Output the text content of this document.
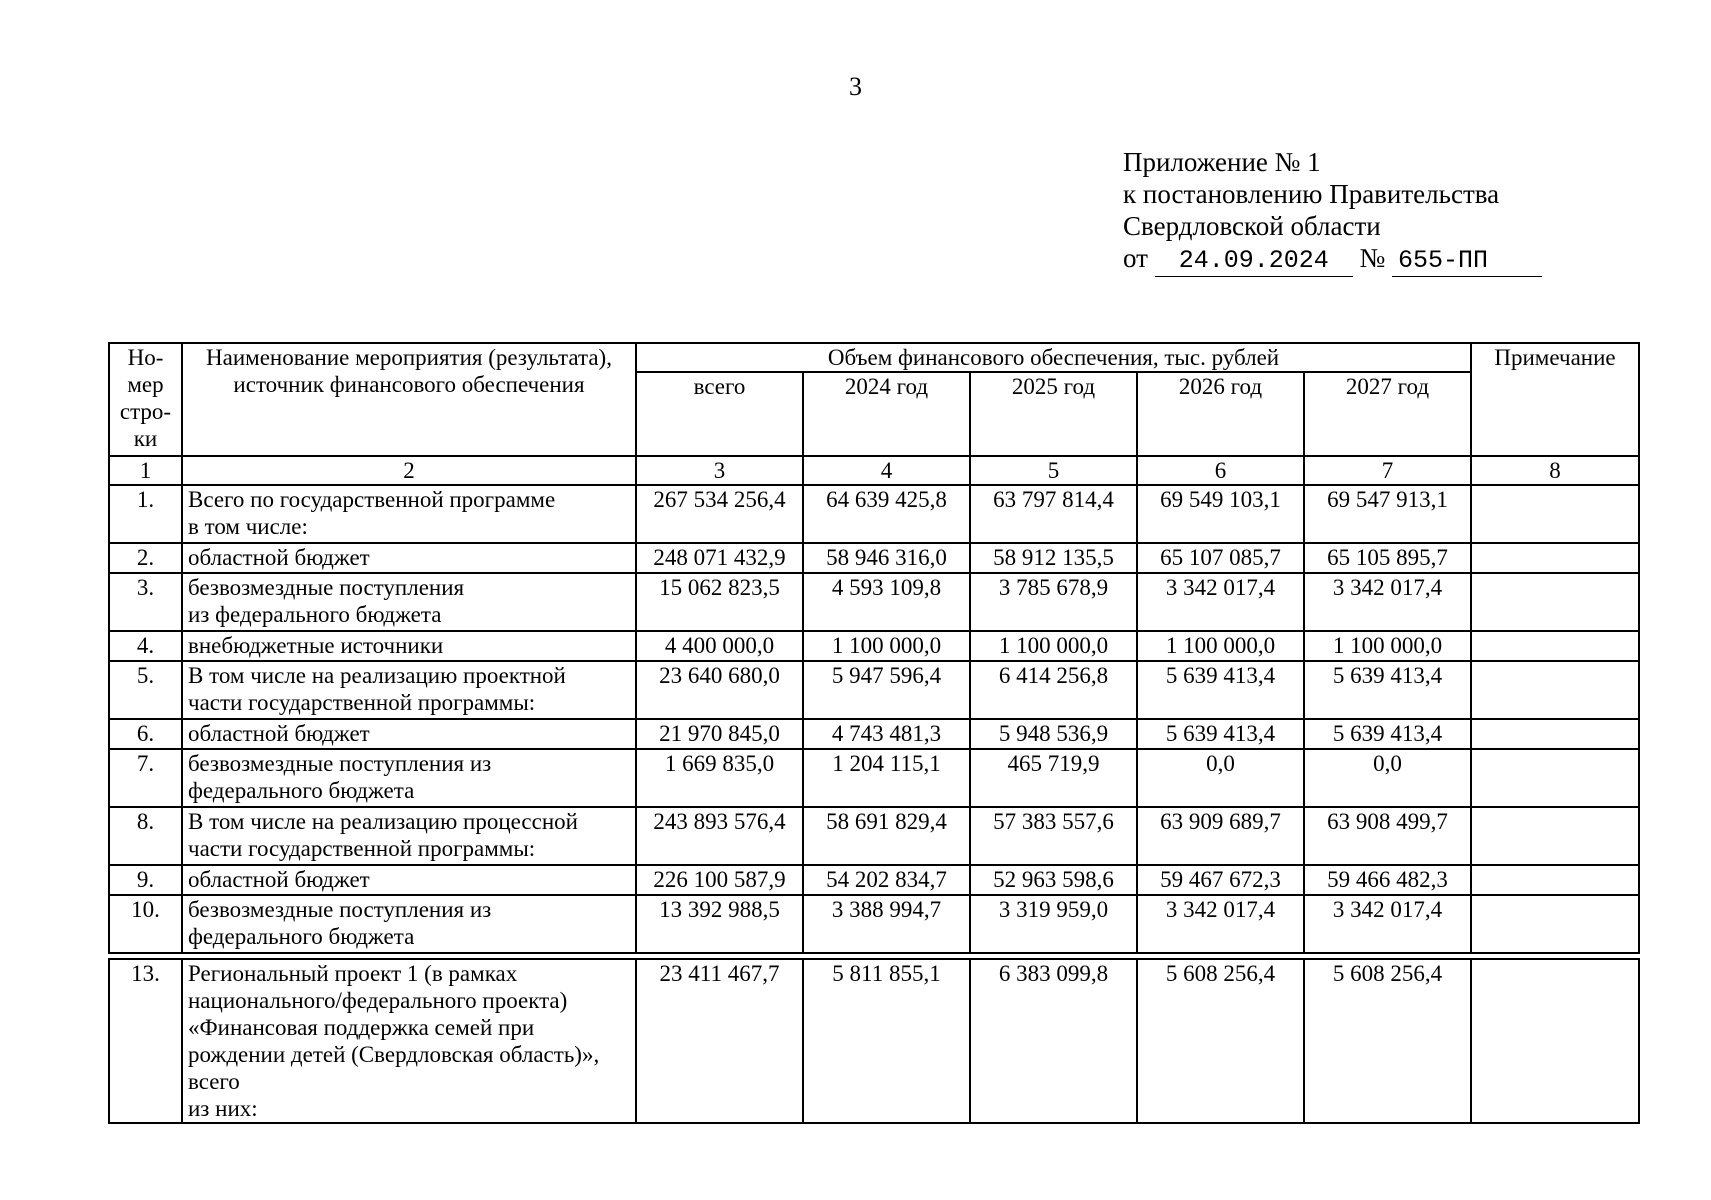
3
Приложение № 1
к постановлению Правительства
Свердловской области
от 24.09.2024 № 655-ПП
Но-
мер
стро-
ки	Наименование мероприятия (результата),
источник финансового обеспечения	Объем финансового обеспечения, тыс. рублей					Примечание
		всего	2024 год	2025 год	2026 год	2027 год	
1	2	3	4	5	6	7	8
1.	Всего по государственной программе
в том числе:	267 534 256,4	64 639 425,8	63 797 814,4	69 549 103,1	69 547 913,1	
2.	областной бюджет	248 071 432,9	58 946 316,0	58 912 135,5	65 107 085,7	65 105 895,7	
3.	безвозмездные поступления
из федерального бюджета	15 062 823,5	4 593 109,8	3 785 678,9	3 342 017,4	3 342 017,4	
4.	внебюджетные источники	4 400 000,0	1 100 000,0	1 100 000,0	1 100 000,0	1 100 000,0	
5.	В том числе на реализацию проектной
части государственной программы:	23 640 680,0	5 947 596,4	6 414 256,8	5 639 413,4	5 639 413,4	
6.	областной бюджет	21 970 845,0	4 743 481,3	5 948 536,9	5 639 413,4	5 639 413,4	
7.	безвозмездные поступления из
федерального бюджета	1 669 835,0	1 204 115,1	465 719,9	0,0	0,0	
8.	В том числе на реализацию процессной
части государственной программы:	243 893 576,4	58 691 829,4	57 383 557,6	63 909 689,7	63 908 499,7	
9.	областной бюджет	226 100 587,9	54 202 834,7	52 963 598,6	59 467 672,3	59 466 482,3	
10.	безвозмездные поступления из
федерального бюджета	13 392 988,5	3 388 994,7	3 319 959,0	3 342 017,4	3 342 017,4	
13.	Региональный проект 1 (в рамках
национального/федерального проекта)
«Финансовая поддержка семей при
рождении детей (Свердловская область)»,
всего
из них:	23 411 467,7	5 811 855,1	6 383 099,8	5 608 256,4	5 608 256,4	
